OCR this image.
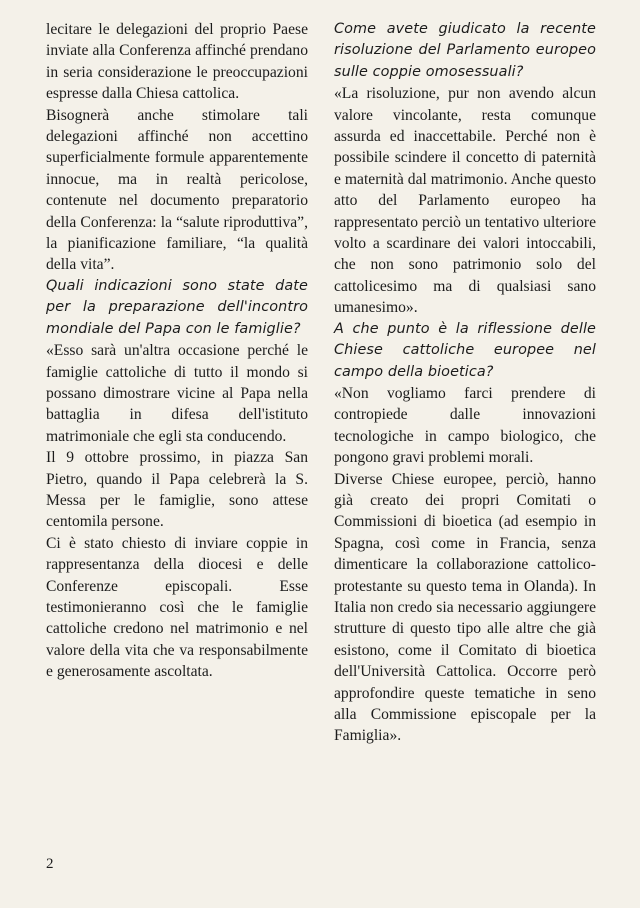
lecitare le delegazioni del proprio Paese inviate alla Conferenza affinché prendano in seria considerazione le preoccupazioni espresse dalla Chiesa cattolica.

Bisognerà anche stimolare tali delegazioni affinché non accettino superficialmente formule apparentemente innocue, ma in realtà pericolose, contenute nel documento preparatorio della Conferenza: la “salute riproduttiva”, la pianificazione familiare, “la qualità della vita”.

Quali indicazioni sono state date per la preparazione dell'incontro mondiale del Papa con le famiglie?

«Esso sarà un'altra occasione perché le famiglie cattoliche di tutto il mondo si possano dimostrare vicine al Papa nella battaglia in difesa dell'istituto matrimoniale che egli sta conducendo.

Il 9 ottobre prossimo, in piazza San Pietro, quando il Papa celebrerà la S. Messa per le famiglie, sono attese centomila persone.

Ci è stato chiesto di inviare coppie in rappresentanza della diocesi e delle Conferenze episcopali. Esse testimonieranno così che le famiglie cattoliche credono nel matrimonio e nel valore della vita che va responsabilmente e generosamente ascoltata.

Come avete giudicato la recente risoluzione del Parlamento europeo sulle coppie omosessuali?

«La risoluzione, pur non avendo alcun valore vincolante, resta comunque assurda ed inaccettabile. Perché non è possibile scindere il concetto di paternità e maternità dal matrimonio. Anche questo atto del Parlamento europeo ha rappresentato perciò un tentativo ulteriore volto a scardinare dei valori intoccabili, che non sono patrimonio solo del cattolicesimo ma di qualsiasi sano umanesimo».

A che punto è la riflessione delle Chiese cattoliche europee nel campo della bioetica?

«Non vogliamo farci prendere di contropiede dalle innovazioni tecnologiche in campo biologico, che pongono gravi problemi morali.

Diverse Chiese europee, perciò, hanno già creato dei propri Comitati o Commissioni di bioetica (ad esempio in Spagna, così come in Francia, senza dimenticare la collaborazione cattolico-protestante su questo tema in Olanda). In Italia non credo sia necessario aggiungere strutture di questo tipo alle altre che già esistono, come il Comitato di bioetica dell'Università Cattolica. Occorre però approfondire queste tematiche in seno alla Commissione episcopale per la Famiglia».

2
